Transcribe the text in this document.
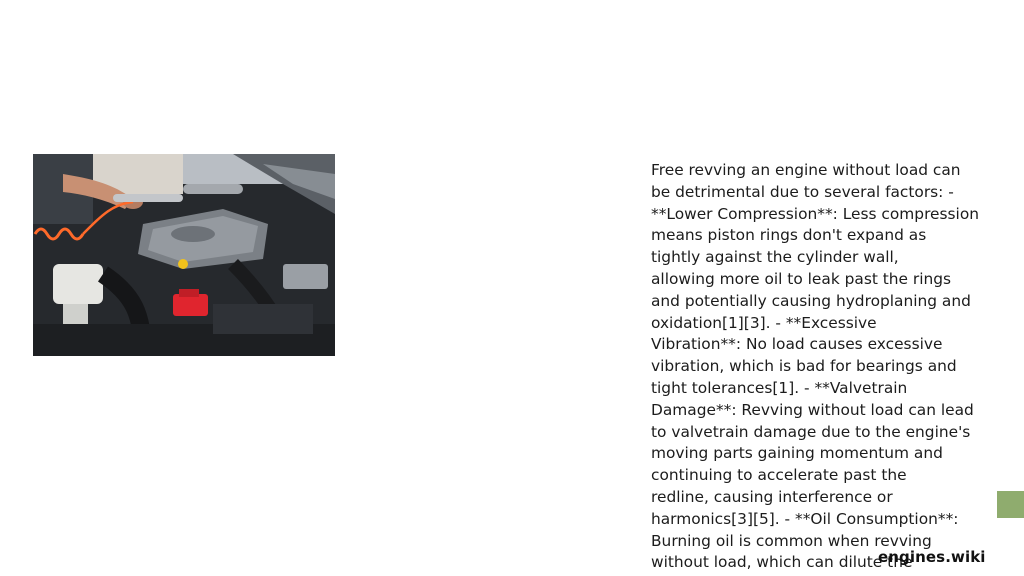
Free revving an engine without load can
be detrimental due to several factors: -
**Lower Compression**: Less compression
means piston rings don't expand as
tightly against the cylinder wall,
allowing more oil to leak past the rings
and potentially causing hydroplaning and
oxidation[1][3]. - **Excessive
Vibration**: No load causes excessive
vibration, which is bad for bearings and
tight tolerances[1]. - **Valvetrain
Damage**: Revving without load can lead
to valvetrain damage due to the engine's
moving parts gaining momentum and
continuing to accelerate past the
redline, causing interference or
harmonics[3][5]. - **Oil Consumption**:
Burning oil is common when revving
without load, which can dilute the
engines.wiki
